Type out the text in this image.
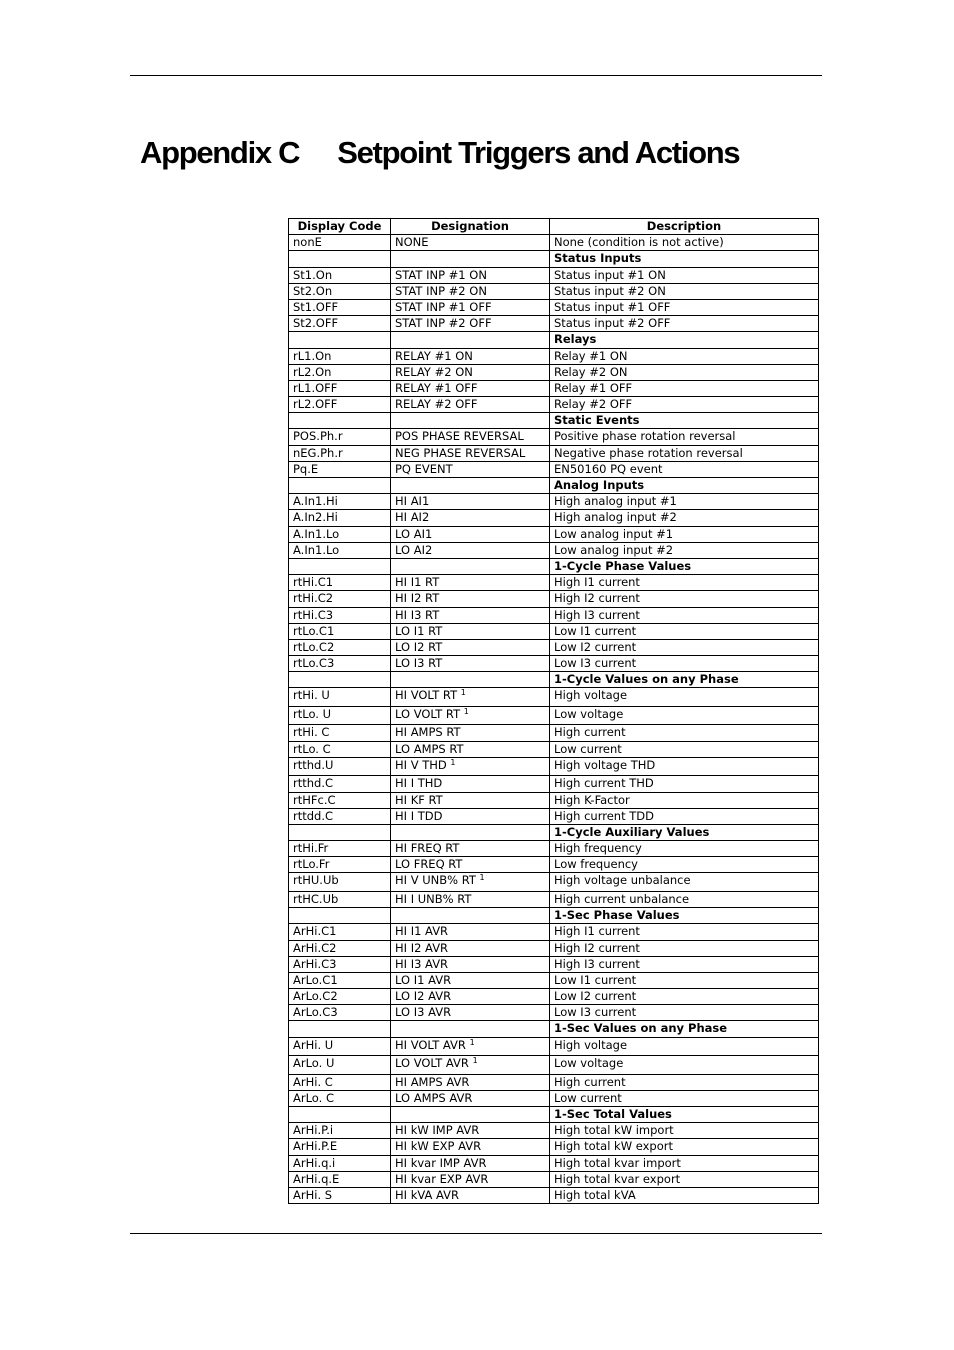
Appendix C Setpoint Triggers and Actions
Display Code	Designation	Description
nonE	NONE	None (condition is not active)
		Status Inputs
St1.On	STAT INP #1 ON	Status input #1 ON
St2.On	STAT INP #2 ON	Status input #2 ON
St1.OFF	STAT INP #1 OFF	Status input #1 OFF
St2.OFF	STAT INP #2 OFF	Status input #2 OFF
		Relays
rL1.On	RELAY #1 ON	Relay #1 ON
rL2.On	RELAY #2 ON	Relay #2 ON
rL1.OFF	RELAY #1 OFF	Relay #1 OFF
rL2.OFF	RELAY #2 OFF	Relay #2 OFF
		Static Events
POS.Ph.r	POS PHASE REVERSAL	Positive phase rotation reversal
nEG.Ph.r	NEG PHASE REVERSAL	Negative phase rotation reversal
Pq.E	PQ EVENT	EN50160 PQ event
		Analog Inputs
A.In1.Hi	HI AI1	High analog input #1
A.In2.Hi	HI AI2	High analog input #2
A.In1.Lo	LO AI1	Low analog input #1
A.In1.Lo	LO AI2	Low analog input #2
		1-Cycle Phase Values
rtHi.C1	HI I1 RT	High I1 current
rtHi.C2	HI I2 RT	High I2 current
rtHi.C3	HI I3 RT	High I3 current
rtLo.C1	LO I1 RT	Low I1 current
rtLo.C2	LO I2 RT	Low I2 current
rtLo.C3	LO I3 RT	Low I3 current
		1-Cycle Values on any Phase
rtHi. U	HI VOLT RT $^1$	High voltage
rtLo. U	LO VOLT RT $^1$	Low voltage
rtHi. C	HI AMPS RT	High current
rtLo. C	LO AMPS RT	Low current
rtthd.U	HI V THD $^1$	High voltage THD
rtthd.C	HI I THD	High current THD
rtHFc.C	HI KF RT	High K-Factor
rttdd.C	HI I TDD	High current TDD
		1-Cycle Auxiliary Values
rtHi.Fr	HI FREQ RT	High frequency
rtLo.Fr	LO FREQ RT	Low frequency
rtHU.Ub	HI V UNB% RT $^1$	High voltage unbalance
rtHC.Ub	HI I UNB% RT	High current unbalance
		1-Sec Phase Values
ArHi.C1	HI I1 AVR	High I1 current
ArHi.C2	HI I2 AVR	High I2 current
ArHi.C3	HI I3 AVR	High I3 current
ArLo.C1	LO I1 AVR	Low I1 current
ArLo.C2	LO I2 AVR	Low I2 current
ArLo.C3	LO I3 AVR	Low I3 current
		1-Sec Values on any Phase
ArHi. U	HI VOLT AVR $^1$	High voltage
ArLo. U	LO VOLT AVR $^1$	Low voltage
ArHi. C	HI AMPS AVR	High current
ArLo. C	LO AMPS AVR	Low current
		1-Sec Total Values
ArHi.P.i	HI kW IMP AVR	High total kW import
ArHi.P.E	HI kW EXP AVR	High total kW export
ArHi.q.i	HI kvar IMP AVR	High total kvar import
ArHi.q.E	HI kvar EXP AVR	High total kvar export
ArHi. S	HI kVA AVR	High total kVA
